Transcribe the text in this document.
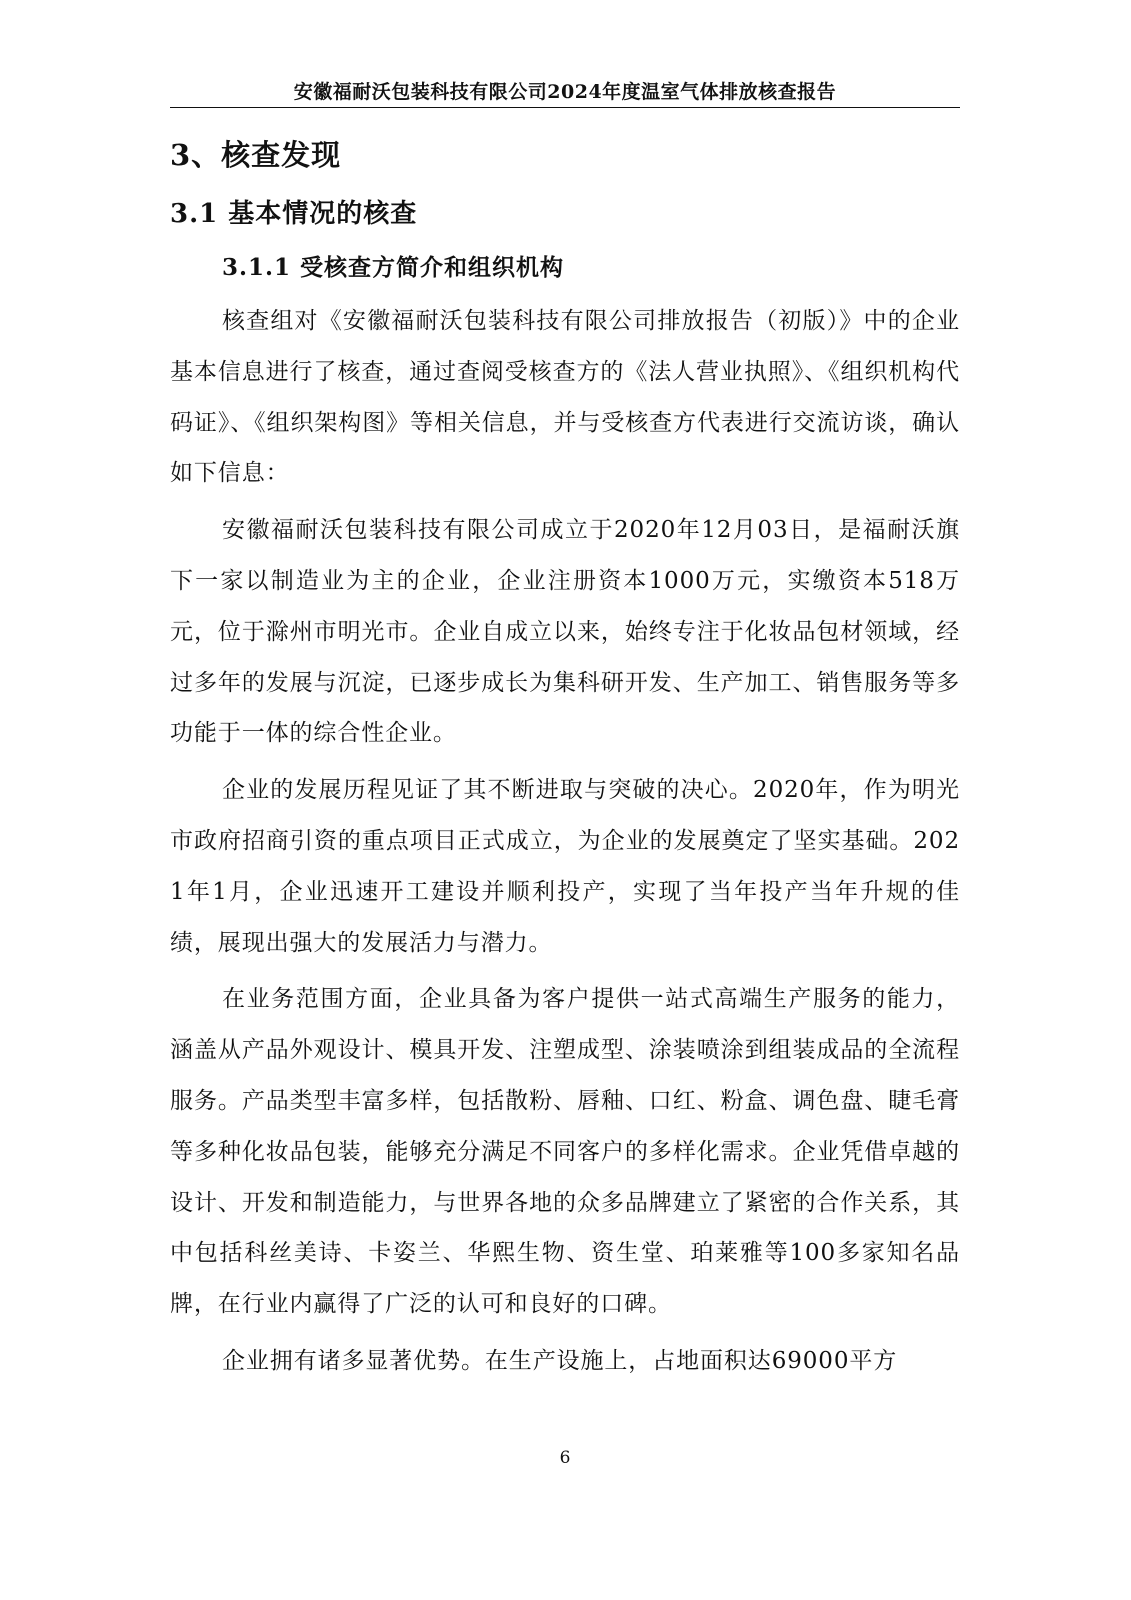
安徽福耐沃包装科技有限公司2024年度温室气体排放核查报告
3、核查发现
3.1 基本情况的核查
3.1.1 受核查方简介和组织机构

核查组对《安徽福耐沃包装科技有限公司排放报告（初版）》中的企业基本信息进行了核查，通过查阅受核查方的《法人营业执照》、《组织机构代码证》、《组织架构图》等相关信息，并与受核查方代表进行交流访谈，确认如下信息：

安徽福耐沃包装科技有限公司成立于2020年12月03日，是福耐沃旗下一家以制造业为主的企业，企业注册资本1000万元，实缴资本518万元，位于滁州市明光市。企业自成立以来，始终专注于化妆品包材领域，经过多年的发展与沉淀，已逐步成长为集科研开发、生产加工、销售服务等多功能于一体的综合性企业。

企业的发展历程见证了其不断进取与突破的决心。2020年，作为明光市政府招商引资的重点项目正式成立，为企业的发展奠定了坚实基础。2021年1月，企业迅速开工建设并顺利投产，实现了当年投产当年升规的佳绩，展现出强大的发展活力与潜力。

在业务范围方面，企业具备为客户提供一站式高端生产服务的能力，涵盖从产品外观设计、模具开发、注塑成型、涂装喷涂到组装成品的全流程服务。产品类型丰富多样，包括散粉、唇釉、口红、粉盒、调色盘、睫毛膏等多种化妆品包装，能够充分满足不同客户的多样化需求。企业凭借卓越的设计、开发和制造能力，与世界各地的众多品牌建立了紧密的合作关系，其中包括科丝美诗、卡姿兰、华熙生物、资生堂、珀莱雅等100多家知名品牌，在行业内赢得了广泛的认可和良好的口碑。

企业拥有诸多显著优势。在生产设施上，占地面积达69000平方

6
